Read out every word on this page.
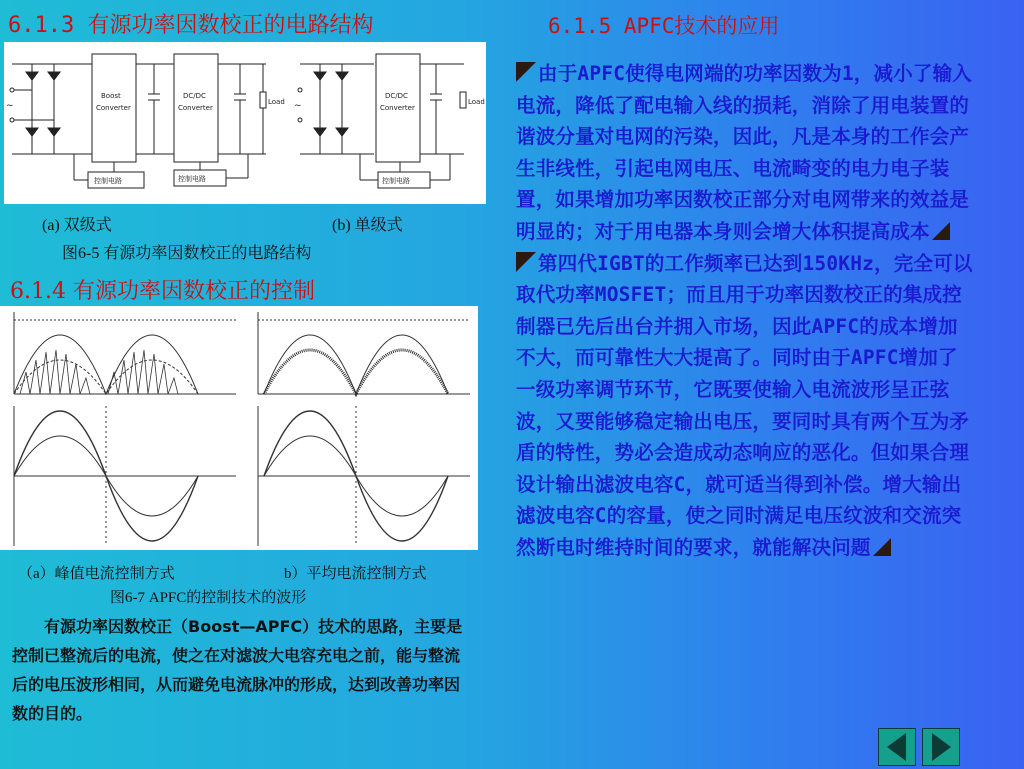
6.1.3 有源功率因数校正的电路结构	6.1.5 APFC技术的应用
~	~
Boost
Converter
DC/DC
Converter
DC/DC
Converter
控制电路	控制电路	控制电路
Load	Load
(a) 双级式	(b) 单级式
图6-5 有源功率因数校正的电路结构
6.1.4 有源功率因数校正的控制
（a）峰值电流控制方式	b）平均电流控制方式
图6-7 APFC的控制技术的波形
有源功率因数校正（Boost—APFC）技术的思路，主要是控制已整流后的电流，使之在对滤波大电容充电之前，能与整流后的电压波形相同，从而避免电流脉冲的形成，达到改善功率因数的目的。

由于APFC使得电网端的功率因数为1，减小了输入电流，降低了配电输入线的损耗，消除了用电装置的谐波分量对电网的污染，因此，凡是本身的工作会产生非线性，引起电网电压、电流畸变的电力电子装置，如果增加功率因数校正部分对电网带来的效益是明显的；对于用电器本身则会增大体积提高成本

第四代IGBT的工作频率已达到150KHz，完全可以取代功率MOSFET；而且用于功率因数校正的集成控制器已先后出台并拥入市场，因此APFC的成本增加不大，而可靠性大大提高了。同时由于APFC增加了一级功率调节环节，它既要使输入电流波形呈正弦波，又要能够稳定输出电压，要同时具有两个互为矛盾的特性，势必会造成动态响应的恶化。但如果合理设计输出滤波电容C，就可适当得到补偿。增大输出滤波电容C的容量，使之同时满足电压纹波和交流突然断电时维持时间的要求，就能解决问题
